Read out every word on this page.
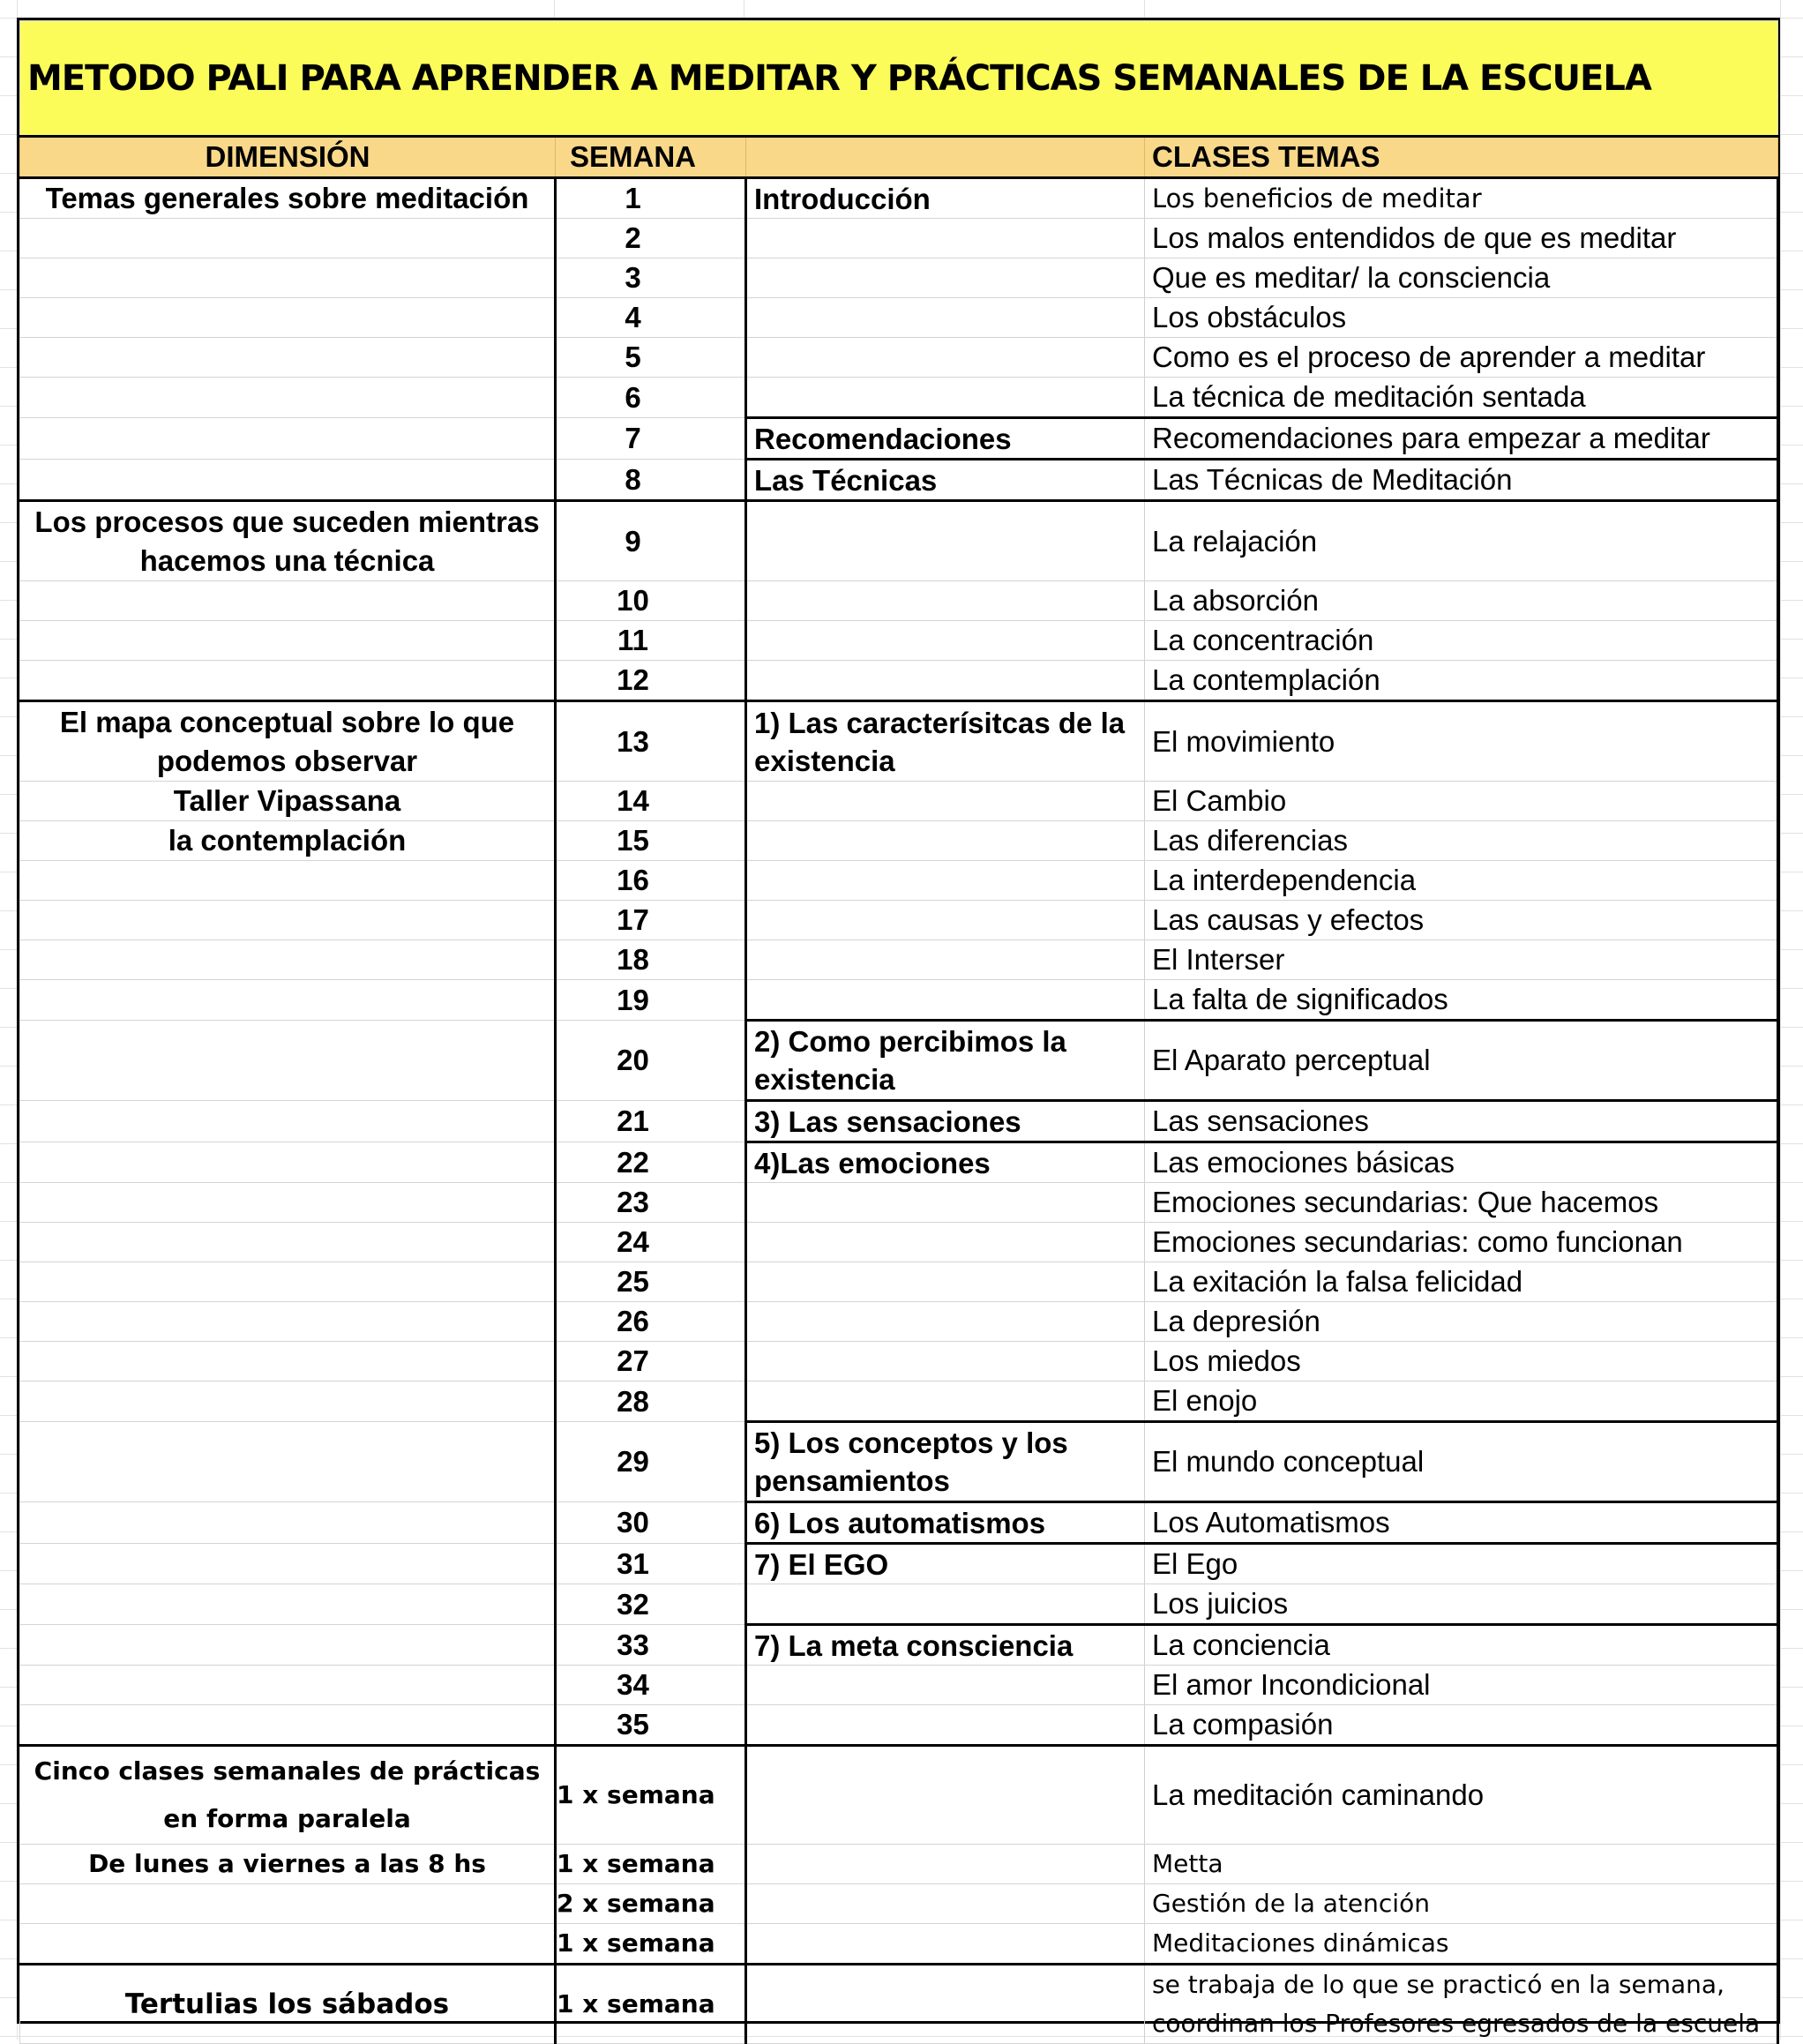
METODO PALI PARA APRENDER A MEDITAR Y PRÁCTICAS SEMANALES DE LA ESCUELA			
DIMENSIÓN	SEMANA		CLASES TEMAS
Temas generales sobre meditación	1	Introducción	Los beneficios de meditar
	2		Los malos entendidos de que es meditar
	3		Que es meditar/ la consciencia
	4		Los obstáculos
	5		Como es el proceso de aprender a meditar
	6		La técnica de meditación sentada
	7	Recomendaciones	Recomendaciones para empezar a meditar
	8	Las Técnicas	Las Técnicas de Meditación
Los procesos que suceden mientras hacemos una técnica	9		La relajación
	10		La absorción
	11		La concentración
	12		La contemplación
El mapa conceptual sobre lo que podemos observar	13	1) Las caracterísitcas de la existencia	El movimiento
Taller Vipassana	14		El Cambio
la contemplación	15		Las diferencias
	16		La interdependencia
	17		Las causas y efectos
	18		El Interser
	19		La falta de significados
	20	2) Como percibimos la existencia	El Aparato perceptual
	21	3) Las sensaciones	Las sensaciones
	22	4)Las emociones	Las emociones básicas
	23		Emociones secundarias: Que hacemos
	24		Emociones secundarias: como funcionan
	25		La exitación la falsa felicidad
	26		La depresión
	27		Los miedos
	28		El enojo
	29	5) Los conceptos y los pensamientos	El mundo conceptual
	30	6) Los automatismos	Los Automatismos
	31	7) El EGO	El Ego
	32		Los juicios
	33	7) La meta consciencia	La conciencia
	34		El amor Incondicional
	35		La compasión
Cinco clases semanales de prácticas en forma paralela	1 x semana		La meditación caminando
De lunes a viernes a las 8 hs	1 x semana		Metta
	2 x semana		Gestión de la atención
	1 x semana		Meditaciones dinámicas
Tertulias los sábados	1 x semana		se trabaja de lo que se practicó en la semana,
coordinan los Profesores egresados de la escuela
